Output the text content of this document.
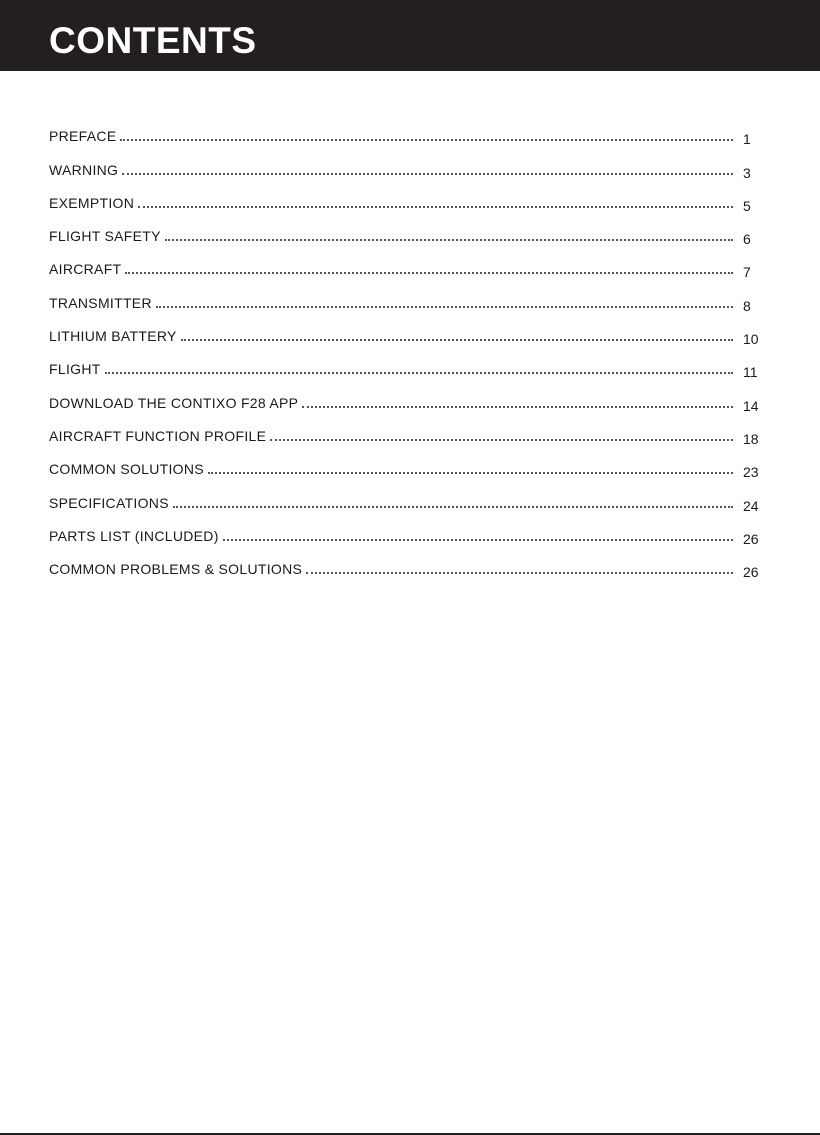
CONTENTS
PREFACE	1
WARNING	3
EXEMPTION	5
FLIGHT SAFETY	6
AIRCRAFT	7
TRANSMITTER	8
LITHIUM BATTERY	10
FLIGHT	11
DOWNLOAD THE CONTIXO F28 APP	14
AIRCRAFT FUNCTION PROFILE	18
COMMON SOLUTIONS	23
SPECIFICATIONS	24
PARTS LIST (INCLUDED)	26
COMMON PROBLEMS & SOLUTIONS	26
